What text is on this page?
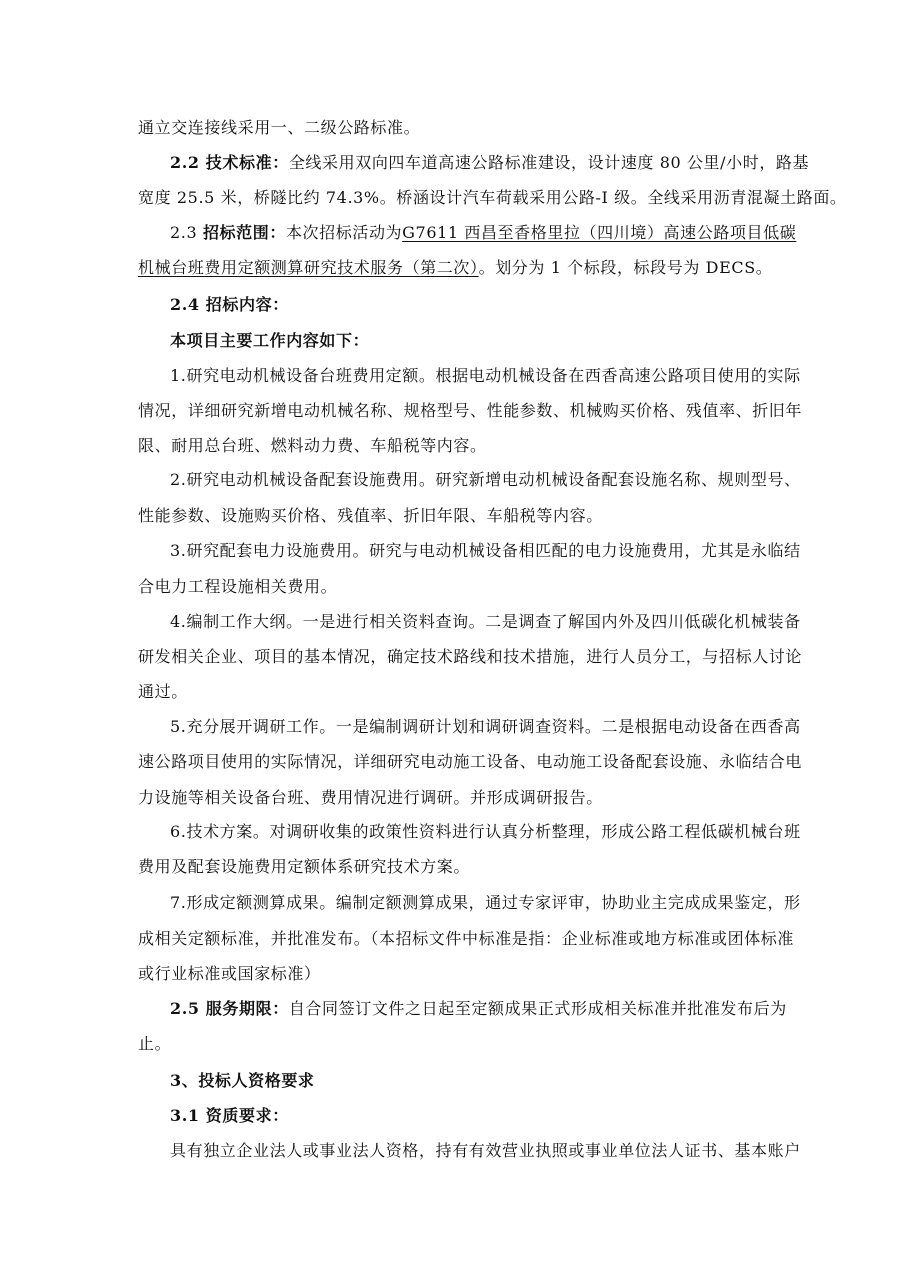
通立交连接线采用一、二级公路标准。
2.2 技术标准：全线采用双向四车道高速公路标准建设，设计速度 80 公里/小时，路基
宽度 25.5 米，桥隧比约 74.3%。桥涵设计汽车荷载采用公路-I 级。全线采用沥青混凝土路面。
2.3 招标范围：本次招标活动为G7611 西昌至香格里拉（四川境）高速公路项目低碳
机械台班费用定额测算研究技术服务（第二次）。划分为 1 个标段，标段号为 DECS。
2.4 招标内容：
本项目主要工作内容如下：
1.研究电动机械设备台班费用定额。根据电动机械设备在西香高速公路项目使用的实际
情况，详细研究新增电动机械名称、规格型号、性能参数、机械购买价格、残值率、折旧年
限、耐用总台班、燃料动力费、车船税等内容。
2.研究电动机械设备配套设施费用。研究新增电动机械设备配套设施名称、规则型号、
性能参数、设施购买价格、残值率、折旧年限、车船税等内容。
3.研究配套电力设施费用。研究与电动机械设备相匹配的电力设施费用，尤其是永临结
合电力工程设施相关费用。
4.编制工作大纲。一是进行相关资料查询。二是调查了解国内外及四川低碳化机械装备
研发相关企业、项目的基本情况，确定技术路线和技术措施，进行人员分工，与招标人讨论
通过。
5.充分展开调研工作。一是编制调研计划和调研调查资料。二是根据电动设备在西香高
速公路项目使用的实际情况，详细研究电动施工设备、电动施工设备配套设施、永临结合电
力设施等相关设备台班、费用情况进行调研。并形成调研报告。
6.技术方案。对调研收集的政策性资料进行认真分析整理，形成公路工程低碳机械台班
费用及配套设施费用定额体系研究技术方案。
7.形成定额测算成果。编制定额测算成果，通过专家评审，协助业主完成成果鉴定，形
成相关定额标准，并批准发布。（本招标文件中标准是指：企业标准或地方标准或团体标准
或行业标准或国家标准）
2.5 服务期限：自合同签订文件之日起至定额成果正式形成相关标准并批准发布后为
止。
3、投标人资格要求
3.1 资质要求：
具有独立企业法人或事业法人资格，持有有效营业执照或事业单位法人证书、基本账户
